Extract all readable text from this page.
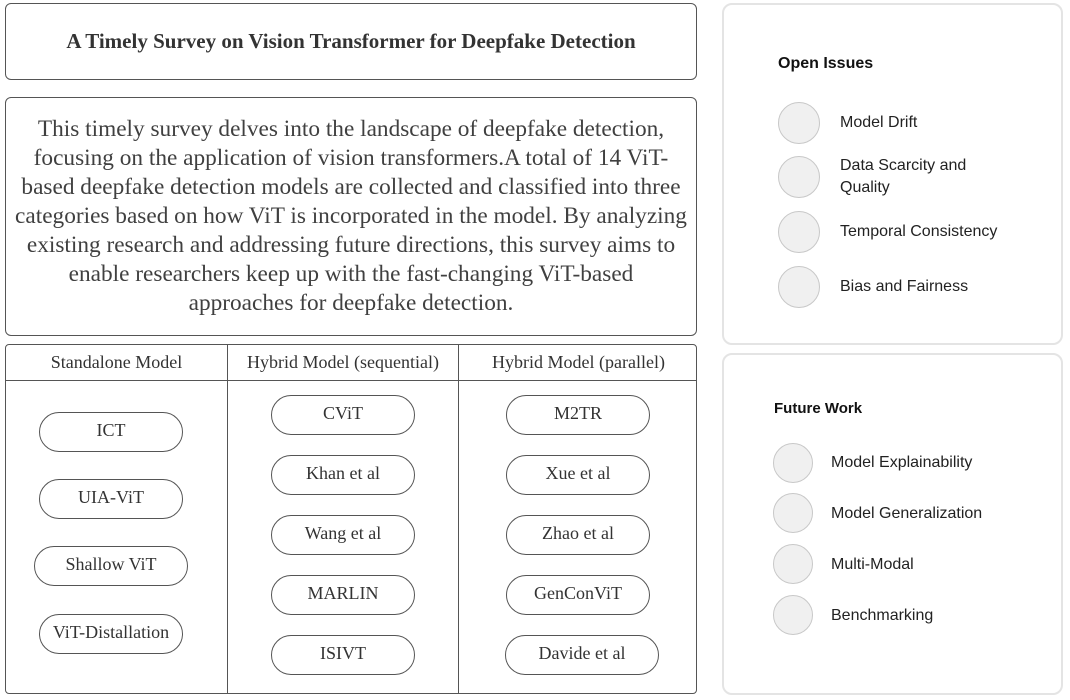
A Timely Survey on Vision Transformer for Deepfake Detection

This timely survey delves into the landscape of deepfake detection, focusing on the application of vision transformers.A total of 14 ViT-based deepfake detection models are collected and classified into three categories based on how ViT is incorporated in the model. By analyzing existing research and addressing future directions, this survey aims to enable researchers keep up with the fast-changing ViT-based approaches for deepfake detection.

Standalone Model
ICT
UIA-ViT
Shallow ViT
ViT-Distallation
Hybrid Model (sequential)
CViT
Khan et al
Wang et al
MARLIN
ISIVT
Hybrid Model (parallel)
M2TR
Xue et al
Zhao et al
GenConViT
Davide et al
Open Issues
Model Drift
Data Scarcity and Quality
Temporal Consistency
Bias and Fairness
Future Work
Model Explainability
Model Generalization
Multi-Modal
Benchmarking
